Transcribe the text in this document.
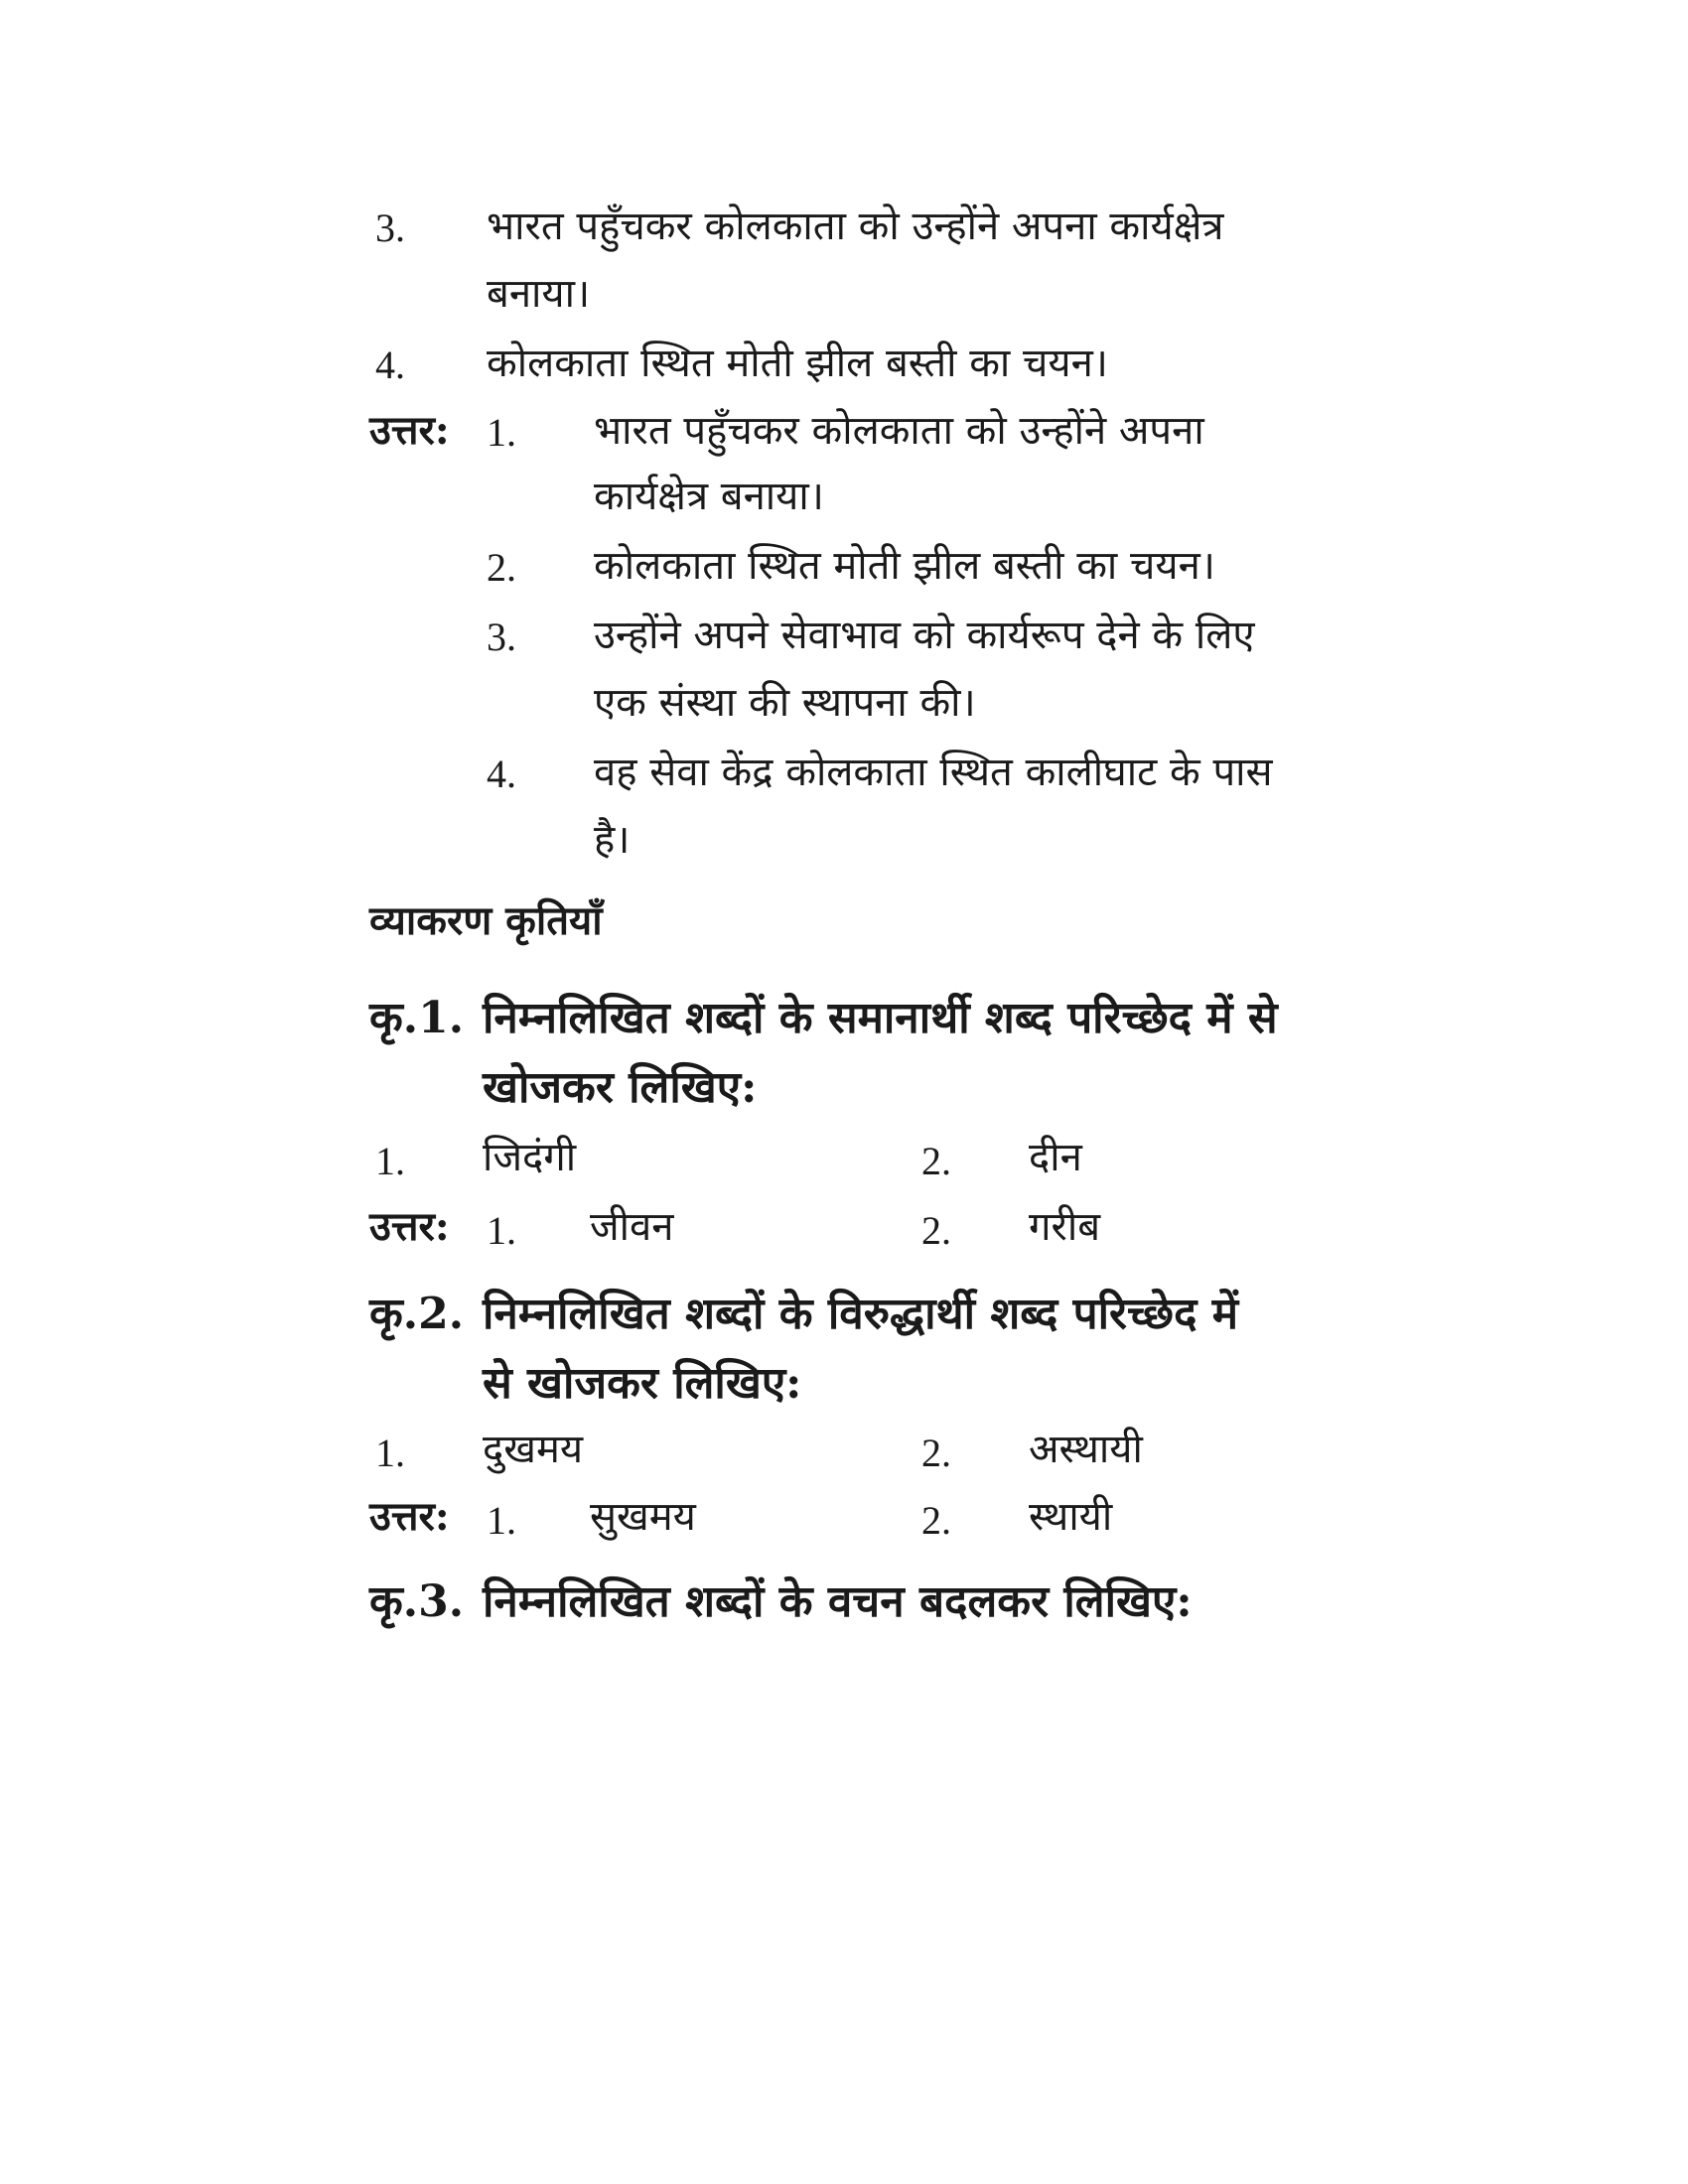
3. भारत पहुँचकर कोलकाता को उन्होंने अपना कार्यक्षेत्र
बनाया।
4. कोलकाता स्थित मोती झील बस्ती का चयन।
उत्तर: 1. भारत पहुँचकर कोलकाता को उन्होंने अपना
कार्यक्षेत्र बनाया।
2. कोलकाता स्थित मोती झील बस्ती का चयन।
3. उन्होंने अपने सेवाभाव को कार्यरूप देने के लिए
एक संस्था की स्थापना की।
4. वह सेवा केंद्र कोलकाता स्थित कालीघाट के पास
है।
व्याकरण कृतियाँ
कृ.1. निम्नलिखित शब्दों के समानार्थी शब्द परिच्छेद में से
खोजकर लिखिए:
1. जिदंगी	2. दीन
उत्तर: 1. जीवन	2. गरीब
कृ.2. निम्नलिखित शब्दों के विरुद्धार्थी शब्द परिच्छेद में
से खोजकर लिखिए:
1. दुखमय	2. अस्थायी
उत्तर: 1. सुखमय	2. स्थायी
कृ.3. निम्नलिखित शब्दों के वचन बदलकर लिखिए:
